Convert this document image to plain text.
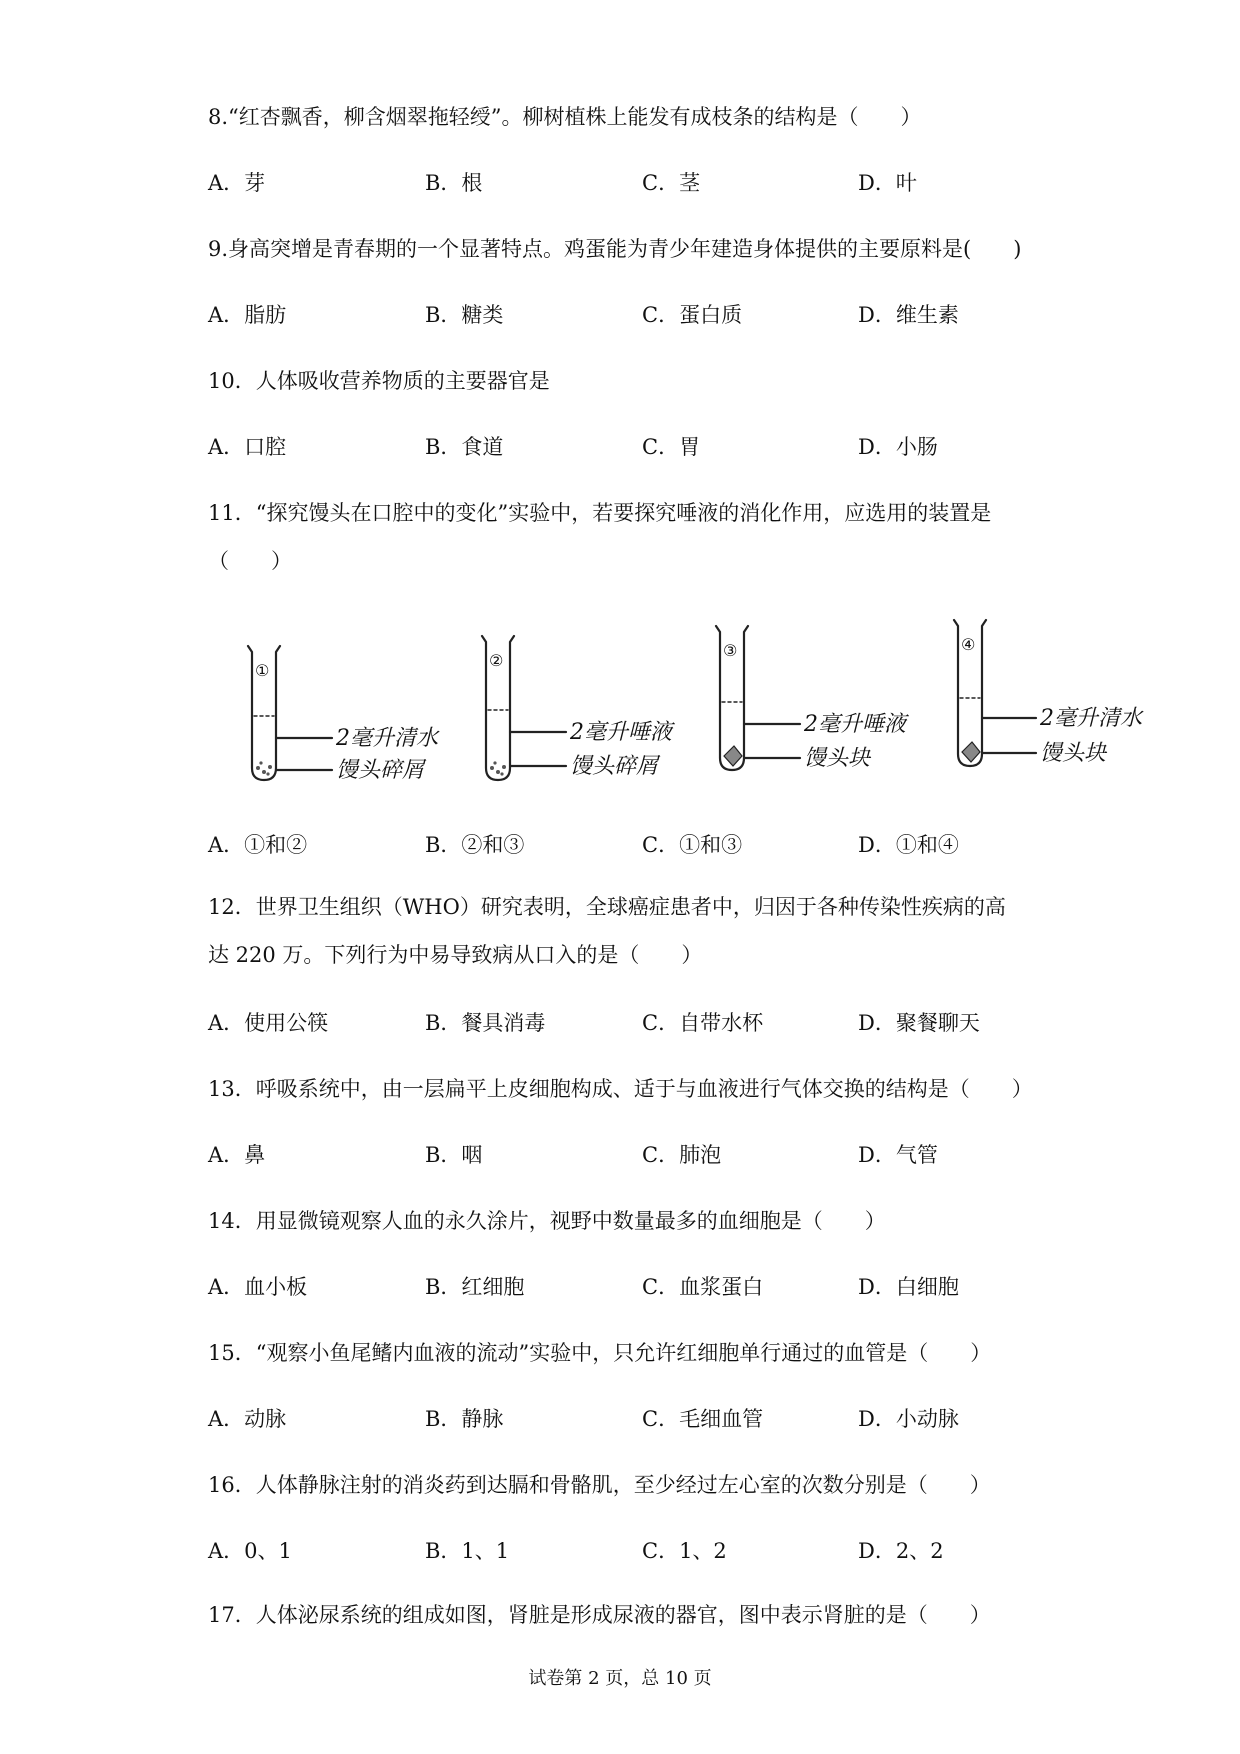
8.“红杏飘香，柳含烟翠拖轻绶”。柳树植株上能发有成枝条的结构是（　　）
A．芽	B．根	C．茎	D．叶
9.身高突增是青春期的一个显著特点。鸡蛋能为青少年建造身体提供的主要原料是(　　)
A．脂肪	B．糖类	C．蛋白质	D．维生素
10．人体吸收营养物质的主要器官是
A．口腔	B．食道	C．胃	D．小肠
11．“探究馒头在口腔中的变化”实验中，若要探究唾液的消化作用，应选用的装置是
（　　）
①
②
③	④
2毫升清水
馒头碎屑
2毫升唾液
馒头碎屑
2毫升唾液
馒头块
2毫升清水
馒头块
A．①和②	B．②和③	C．①和③	D．①和④
12．世界卫生组织（WHO）研究表明，全球癌症患者中，归因于各种传染性疾病的高
达 220 万。下列行为中易导致病从口入的是（　　）
A．使用公筷	B．餐具消毒	C．自带水杯	D．聚餐聊天
13．呼吸系统中，由一层扁平上皮细胞构成、适于与血液进行气体交换的结构是（　　）
A．鼻	B．咽	C．肺泡	D．气管
14．用显微镜观察人血的永久涂片，视野中数量最多的血细胞是（　　）
A．血小板	B．红细胞	C．血浆蛋白	D．白细胞
15．“观察小鱼尾鳍内血液的流动”实验中，只允许红细胞单行通过的血管是（　　）
A．动脉	B．静脉	C．毛细血管	D．小动脉
16．人体静脉注射的消炎药到达膈和骨骼肌，至少经过左心室的次数分别是（　　）
A．0、1	B．1、1	C．1、2	D．2、2
17．人体泌尿系统的组成如图，肾脏是形成尿液的器官，图中表示肾脏的是（　　）
试卷第 2 页，总 10 页
